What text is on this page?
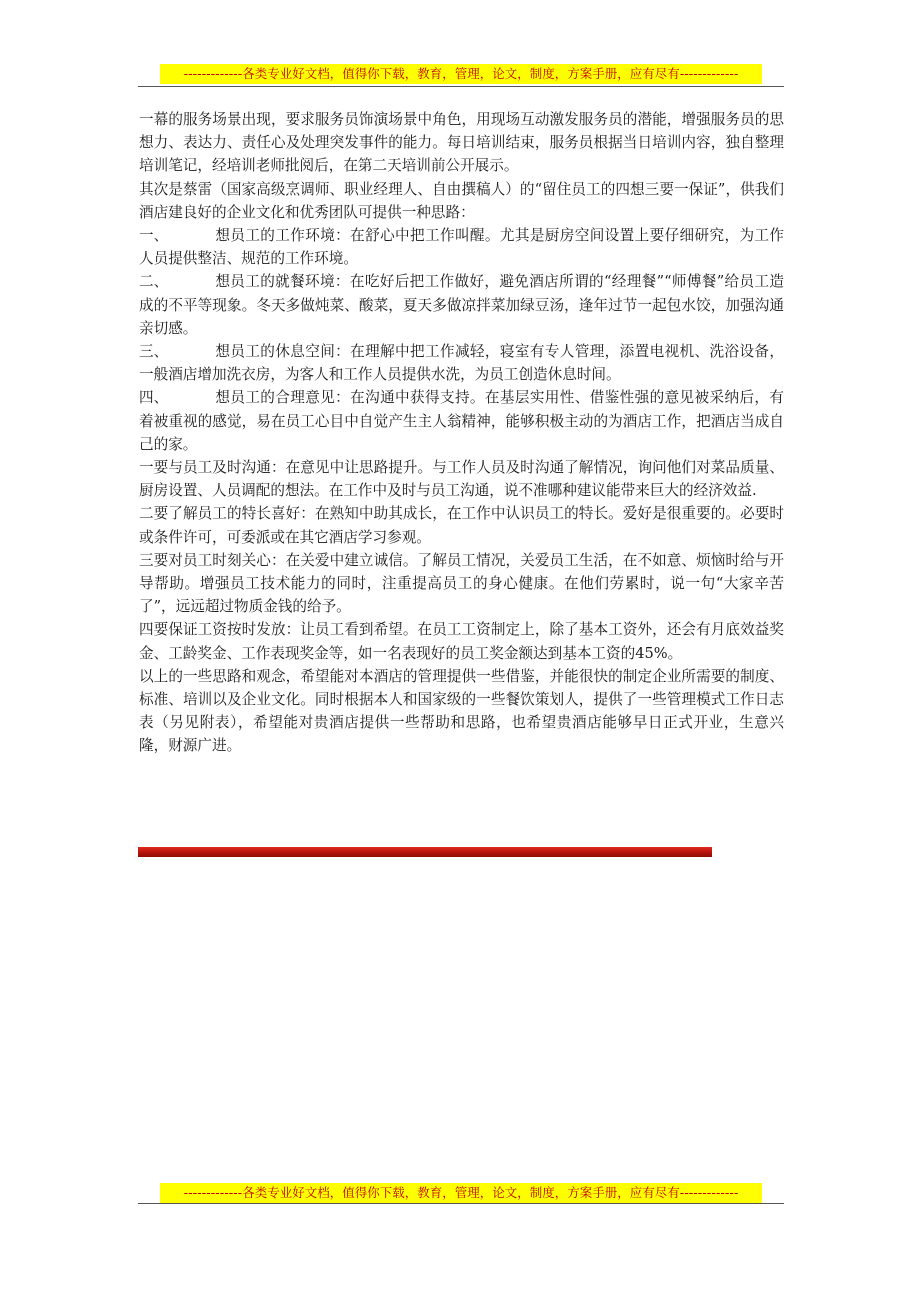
-------------各类专业好文档，值得你下载，教育，管理，论文，制度，方案手册，应有尽有-------------

一幕的服务场景出现，要求服务员饰演场景中角色，用现场互动激发服务员的潜能，增强服务员的思想力、表达力、责任心及处理突发事件的能力。每日培训结束，服务员根据当日培训内容，独自整理培训笔记，经培训老师批阅后，在第二天培训前公开展示。

其次是蔡雷（国家高级烹调师、职业经理人、自由撰稿人）的“留住员工的四想三要一保证”，供我们酒店建良好的企业文化和优秀团队可提供一种思路：

一、	想员工的工作环境：在舒心中把工作叫醒。尤其是厨房空间设置上要仔细研究，为工作人员提供整洁、规范的工作环境。

二、	想员工的就餐环境：在吃好后把工作做好，避免酒店所谓的“经理餐”“师傅餐”给员工造成的不平等现象。冬天多做炖菜、酸菜，夏天多做凉拌菜加绿豆汤，逢年过节一起包水饺，加强沟通亲切感。

三、	想员工的休息空间：在理解中把工作减轻，寝室有专人管理，添置电视机、洗浴设备，一般酒店增加洗衣房，为客人和工作人员提供水洗，为员工创造休息时间。

四、	想员工的合理意见：在沟通中获得支持。在基层实用性、借鉴性强的意见被采纳后，有着被重视的感觉，易在员工心目中自觉产生主人翁精神，能够积极主动的为酒店工作，把酒店当成自己的家。

一要与员工及时沟通：在意见中让思路提升。与工作人员及时沟通了解情况，询问他们对菜品质量、厨房设置、人员调配的想法。在工作中及时与员工沟通，说不准哪种建议能带来巨大的经济效益.

二要了解员工的特长喜好：在熟知中助其成长，在工作中认识员工的特长。爱好是很重要的。必要时或条件许可，可委派或在其它酒店学习参观。

三要对员工时刻关心：在关爱中建立诚信。了解员工情况，关爱员工生活，在不如意、烦恼时给与开导帮助。增强员工技术能力的同时，注重提高员工的身心健康。在他们劳累时，说一句“大家辛苦了”，远远超过物质金钱的给予。

四要保证工资按时发放：让员工看到希望。在员工工资制定上，除了基本工资外，还会有月底效益奖金、工龄奖金、工作表现奖金等，如一名表现好的员工奖金额达到基本工资的45%。

以上的一些思路和观念，希望能对本酒店的管理提供一些借鉴，并能很快的制定企业所需要的制度、标准、培训以及企业文化。同时根据本人和国家级的一些餐饮策划人，提供了一些管理模式工作日志表（另见附表），希望能对贵酒店提供一些帮助和思路，也希望贵酒店能够早日正式开业，生意兴隆，财源广进。

-------------各类专业好文档，值得你下载，教育，管理，论文，制度，方案手册，应有尽有-------------
